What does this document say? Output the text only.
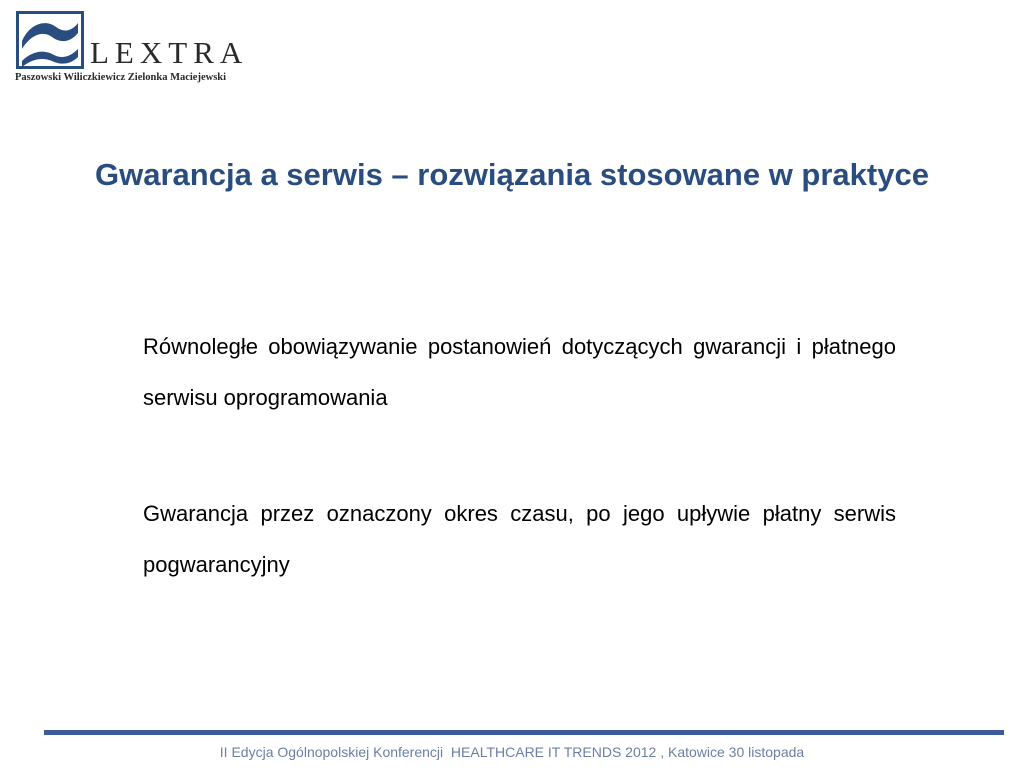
LEXTRA
Paszowski Wiliczkiewicz Zielonka Maciejewski
Gwarancja a serwis – rozwiązania stosowane w praktyce

Równoległe obowiązywanie postanowień dotyczących gwarancji i płatnego serwisu oprogramowania

Gwarancja przez oznaczony okres czasu, po jego upływie płatny serwis pogwarancyjny

II Edycja Ogólnopolskiej Konferencji  HEALTHCARE IT TRENDS 2012 , Katowice 30 listopada
